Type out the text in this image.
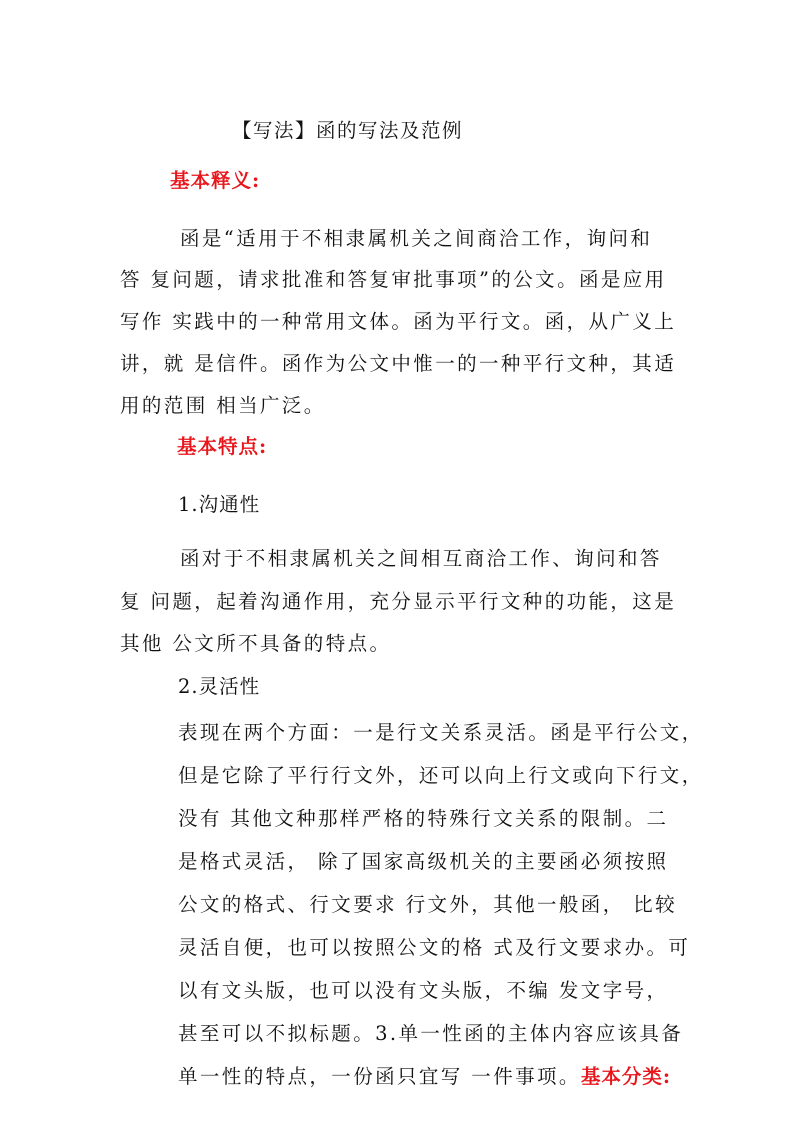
【写法】函的写法及范例
基本释义:
函是“适用于不相隶属机关之间商洽工作，询问和
答 复问题，请求批准和答复审批事项”的公文。函是应用
写作 实践中的一种常用文体。函为平行文。函，从广义上
讲，就 是信件。函作为公文中惟一的一种平行文种，其适
用的范围 相当广泛。
基本特点:
1.沟通性
函对于不相隶属机关之间相互商洽工作、询问和答
复 问题，起着沟通作用，充分显示平行文种的功能，这是
其他 公文所不具备的特点。
2.灵活性
表现在两个方面：一是行文关系灵活。函是平行公文，
但是它除了平行行文外，还可以向上行文或向下行文，
没有 其他文种那样严格的特殊行文关系的限制。二
是格式灵活， 除了国家高级机关的主要函必须按照
公文的格式、行文要求 行文外，其他一般函， 比较
灵活自便，也可以按照公文的格 式及行文要求办。可
以有文头版，也可以没有文头版，不编 发文字号，
甚至可以不拟标题。3.单一性函的主体内容应该具备
单一性的特点，一份函只宜写 一件事项。基本分类:
